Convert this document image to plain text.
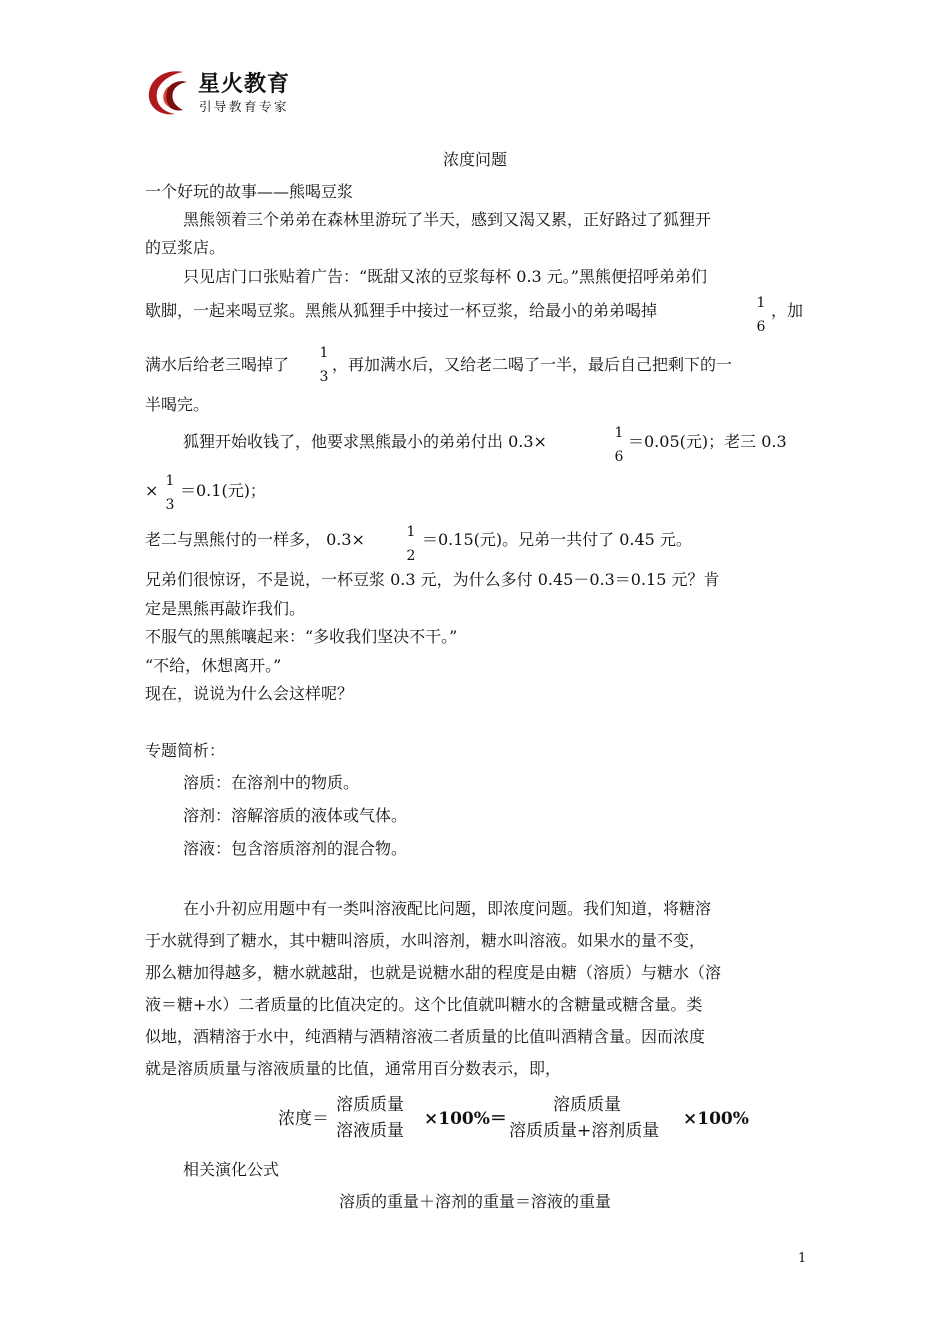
星火教育
引导教育专家
浓度问题
一个好玩的故事——熊喝豆浆
黑熊领着三个弟弟在森林里游玩了半天，感到又渴又累，正好路过了狐狸开
的豆浆店。
只见店门口张贴着广告：“既甜又浓的豆浆每杯 0.3 元。”黑熊便招呼弟弟们
歇脚，一起来喝豆浆。黑熊从狐狸手中接过一杯豆浆，给最小的弟弟喝掉	1
6
，加
满水后给老三喝掉了
1
3
，再加满水后，又给老二喝了一半，最后自己把剩下的一
半喝完。
狐狸开始收钱了，他要求黑熊最小的弟弟付出 0.3×	1
6
＝0.05(元)；老三 0.3
× 1
3
＝0.1(元)；
老二与黑熊付的一样多， 0.3×	1
2
＝0.15(元)。兄弟一共付了 0.45 元。
兄弟们很惊讶，不是说，一杯豆浆 0.3 元，为什么多付 0.45－0.3＝0.15 元？肯
定是黑熊再敲诈我们。
不服气的黑熊嚷起来：“多收我们坚决不干。”
“不给，休想离开。”
现在，说说为什么会这样呢？
专题简析：
溶质：在溶剂中的物质。
溶剂：溶解溶质的液体或气体。
溶液：包含溶质溶剂的混合物。
在小升初应用题中有一类叫溶液配比问题，即浓度问题。我们知道，将糖溶
于水就得到了糖水，其中糖叫溶质，水叫溶剂，糖水叫溶液。如果水的量不变，
那么糖加得越多，糖水就越甜，也就是说糖水甜的程度是由糖（溶质）与糖水（溶
液＝糖+水）二者质量的比值决定的。这个比值就叫糖水的含糖量或糖含量。类
似地，酒精溶于水中，纯酒精与酒精溶液二者质量的比值叫酒精含量。因而浓度
就是溶质质量与溶液质量的比值，通常用百分数表示，即，
浓度＝
溶质质量
溶液质量
×100%＝
溶质质量
溶质质量+溶剂质量
×100%
相关演化公式
溶质的重量＋溶剂的重量＝溶液的重量
1
